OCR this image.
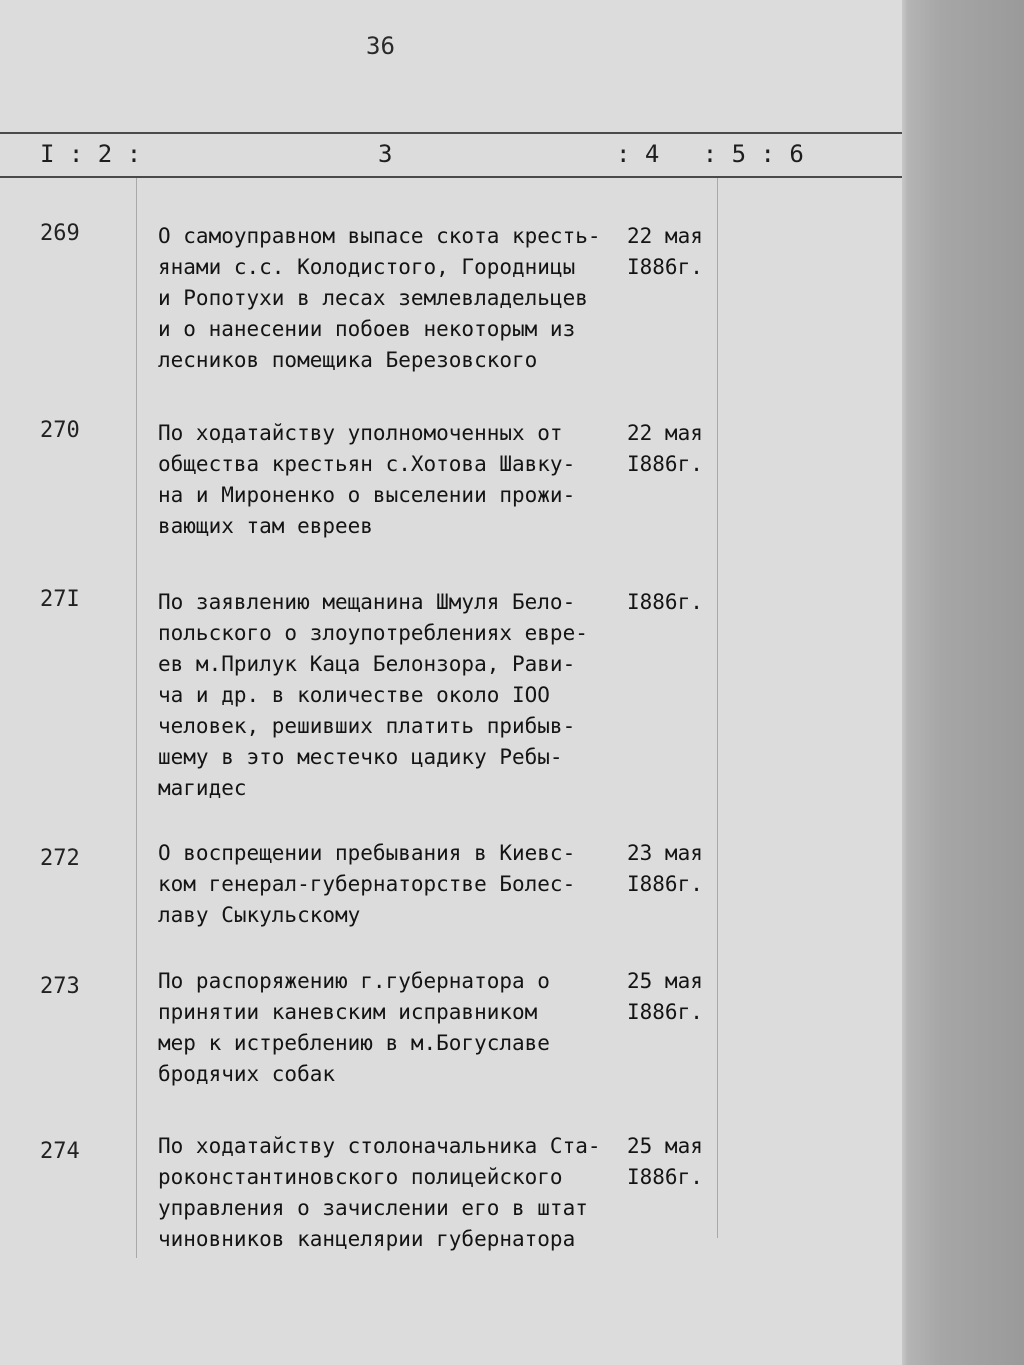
36
I : 2 :	3	: 4   : 5 : 6
269	О самоуправном выпасе скота кресть-
янами с.с. Колодистого, Городницы
и Ропотухи в лесах землевладельцев
и о нанесении побоев некоторым из
лесников помещика Березовского
22 мая
I886г.
270	По ходатайству уполномоченных от
общества крестьян с.Хотова Шавку-
на и Мироненко о выселении прожи-
вающих там евреев
22 мая
I886г.
27I	По заявлению мещанина Шмуля Бело-
польского о злоупотреблениях евре-
ев м.Прилук Каца Белонзора, Рави-
ча и др. в количестве около IOO
человек, решивших платить прибыв-
шему в это местечко цадику Ребы-
магидес
I886г.
272	О воспрещении пребывания в Киевс-
ком генерал-губернаторстве Болес-
лаву Сыкульскому
23 мая
I886г.
273	По распоряжению г.губернатора о
принятии каневским исправником
мер к истреблению в м.Богуславе
бродячих собак
25 мая
I886г.
274	По ходатайству столоначальника Ста-
роконстантиновского полицейского
управления о зачислении его в штат
чиновников канцелярии губернатора
25 мая
I886г.
